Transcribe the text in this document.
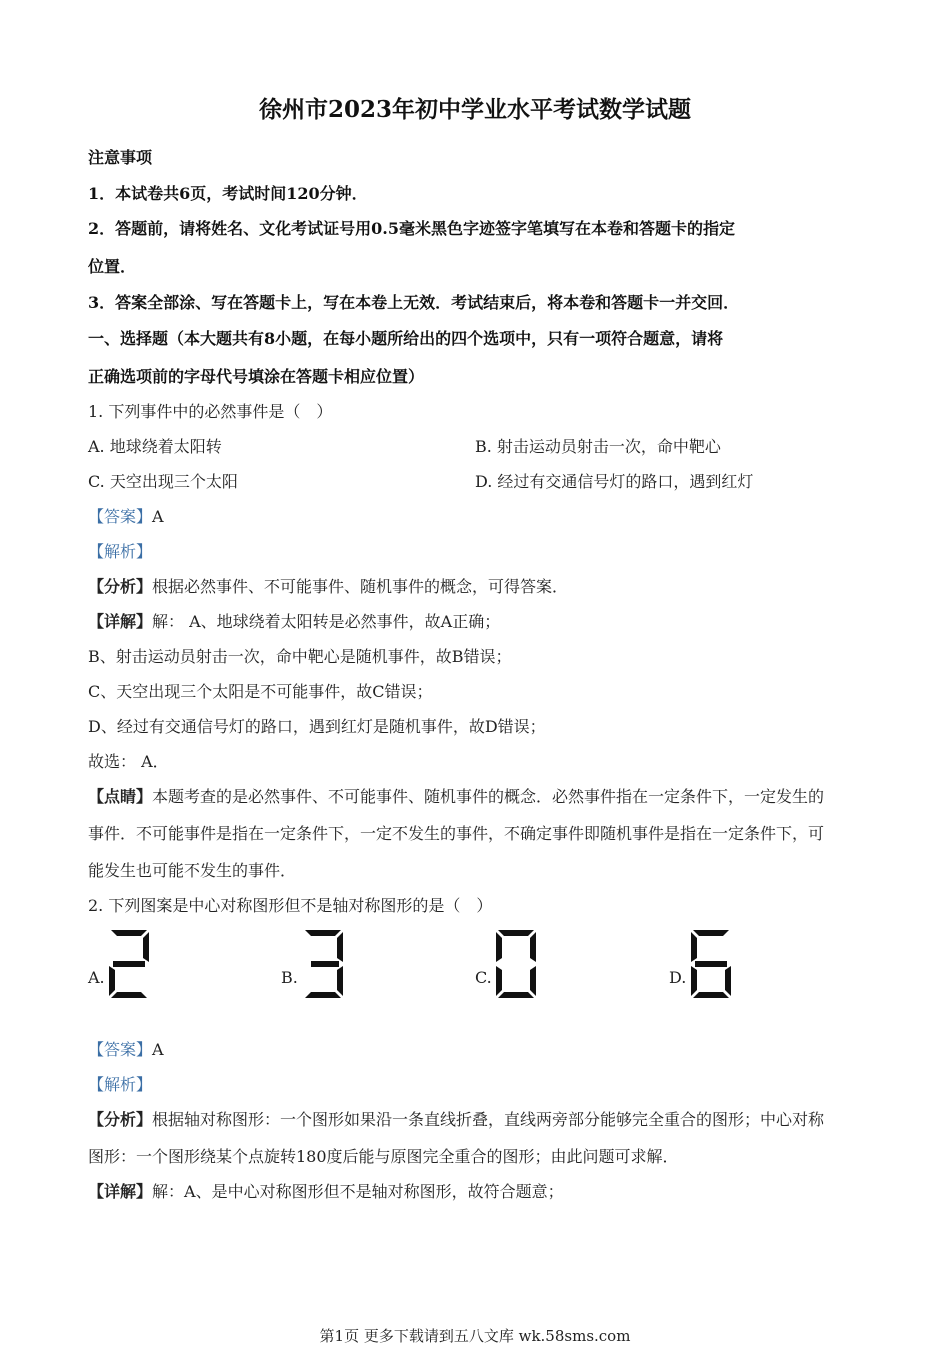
徐州市2023年初中学业水平考试数学试题
注意事项
1．本试卷共6页，考试时间120分钟．
2．答题前，请将姓名、文化考试证号用0.5毫米黑色字迹签字笔填写在本卷和答题卡的指定
位置．
3．答案全部涂、写在答题卡上，写在本卷上无效．考试结束后，将本卷和答题卡一并交回．
一、选择题（本大题共有8小题，在每小题所给出的四个选项中，只有一项符合题意，请将
正确选项前的字母代号填涂在答题卡相应位置）
1. 下列事件中的必然事件是（　）
A. 地球绕着太阳转	B. 射击运动员射击一次，命中靶心
C. 天空出现三个太阳	D. 经过有交通信号灯的路口，遇到红灯
【答案】A
【解析】
【分析】根据必然事件、不可能事件、随机事件的概念，可得答案．
【详解】解： A、地球绕着太阳转是必然事件，故A正确；
B、射击运动员射击一次，命中靶心是随机事件，故B错误；
C、天空出现三个太阳是不可能事件，故C错误；
D、经过有交通信号灯的路口，遇到红灯是随机事件，故D错误；
故选： A．
【点睛】本题考查的是必然事件、不可能事件、随机事件的概念．必然事件指在一定条件下，一定发生的
事件．不可能事件是指在一定条件下，一定不发生的事件，不确定事件即随机事件是指在一定条件下，可
能发生也可能不发生的事件．
2. 下列图案是中心对称图形但不是轴对称图形的是（　）
A.	B.	C.	D.
【答案】A
【解析】
【分析】根据轴对称图形：一个图形如果沿一条直线折叠，直线两旁部分能够完全重合的图形；中心对称
图形：一个图形绕某个点旋转180度后能与原图完全重合的图形；由此问题可求解．
【详解】解：A、是中心对称图形但不是轴对称图形，故符合题意；
第1页 更多下载请到五八文库 wk.58sms.com
